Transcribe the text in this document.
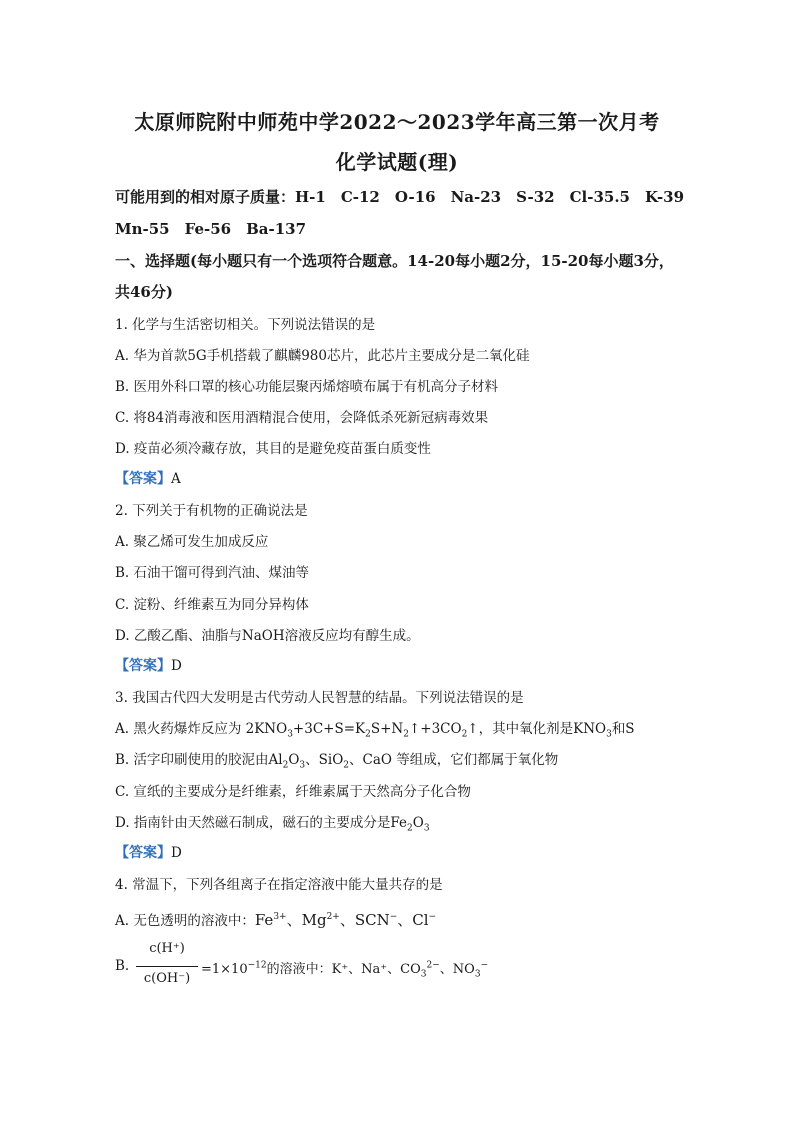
太原师院附中师苑中学2022～2023学年高三第一次月考
化学试题(理)
可能用到的相对原子质量：H-1　C-12　O-16　Na-23　S-32　Cl-35.5　K-39
Mn-55　Fe-56　Ba-137
一、选择题(每小题只有一个选项符合题意。14-20每小题2分，15-20每小题3分，
共46分)
1. 化学与生活密切相关。下列说法错误的是
A. 华为首款5G手机搭载了麒麟980芯片，此芯片主要成分是二氧化硅
B. 医用外科口罩的核心功能层聚丙烯熔喷布属于有机高分子材料
C. 将84消毒液和医用酒精混合使用，会降低杀死新冠病毒效果
D. 疫苗必须冷藏存放，其目的是避免疫苗蛋白质变性
【答案】A
2. 下列关于有机物的正确说法是
A. 聚乙烯可发生加成反应
B. 石油干馏可得到汽油、煤油等
C. 淀粉、纤维素互为同分异构体
D. 乙酸乙酯、油脂与NaOH溶液反应均有醇生成。
【答案】D
3. 我国古代四大发明是古代劳动人民智慧的结晶。下列说法错误的是
A. 黑火药爆炸反应为 $2KNO_3+3C+S=K_2S+N_2↑+3CO_2↑$，其中氧化剂是$KNO_3$和S
B. 活字印刷使用的胶泥由$Al_2O_3$、SiO$_2$、CaO 等组成，它们都属于氧化物
C. 宣纸的主要成分是纤维素，纤维素属于天然高分子化合物
D. 指南针由天然磁石制成，磁石的主要成分是$Fe_2O_3$
【答案】D
4. 常温下，下列各组离子在指定溶液中能大量共存的是
A. 无色透明的溶液中：$Fe^{3+}$、$Mg^{2+}$、SCN−、Cl−
B.
c(H⁺)
c(OH⁻)
$=1\times 10^{-12}$的溶液中：K⁺、Na⁺、$CO_3^{2-}$、$NO_3^-$
